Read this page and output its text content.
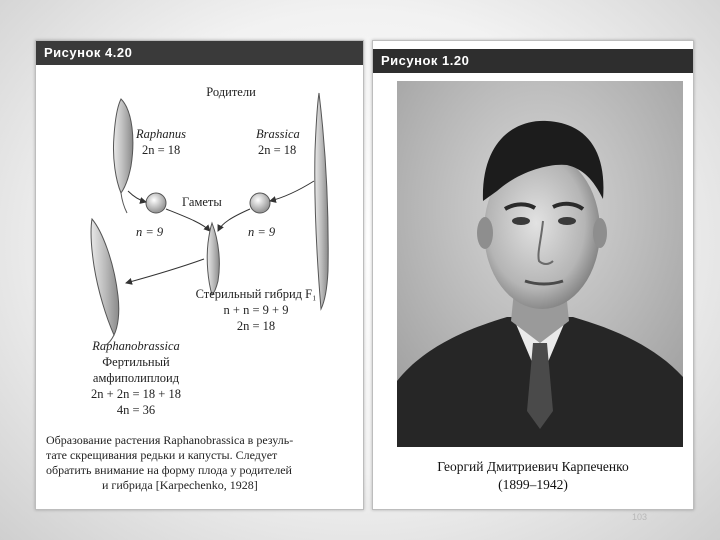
Рисунок 4.20
Родители
Raphanus
2n = 18
Brassica
2n = 18
Гаметы
n = 9	n = 9
Стерильный гибрид F₁
n + n = 9 + 9
2n = 18
Raphanobrassica
Фертильный
амфиполиплоид
2n + 2n = 18 + 18
4n = 36
Образование растения Raphanobrassica в резуль-
тате скрещивания редьки и капусты. Следует
обратить внимание на форму плода у родителей
и гибрида [Karpechenko, 1928]
Рисунок 1.20
Георгий Дмитриевич Карпеченко
(1899–1942)
103
